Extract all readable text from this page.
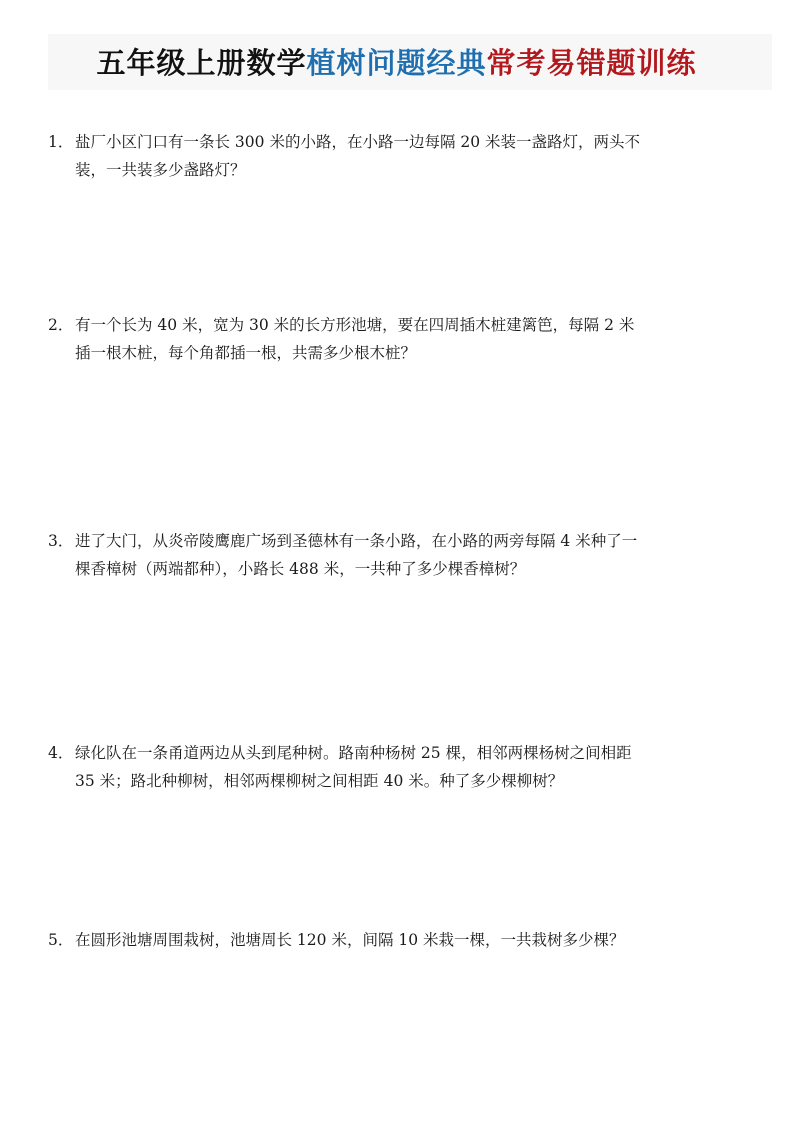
五年级上册数学植树问题经典常考易错题训练
1． 盐厂小区门口有一条长 300 米的小路，在小路一边每隔 20 米装一盏路灯，两头不
装，一共装多少盏路灯？
2． 有一个长为 40 米，宽为 30 米的长方形池塘，要在四周插木桩建篱笆，每隔 2 米
插一根木桩，每个角都插一根，共需多少根木桩？
3． 进了大门，从炎帝陵鹰鹿广场到圣德林有一条小路，在小路的两旁每隔 4 米种了一
棵香樟树（两端都种），小路长 488 米，一共种了多少棵香樟树？
4． 绿化队在一条甬道两边从头到尾种树。路南种杨树 25 棵，相邻两棵杨树之间相距
35 米；路北种柳树，相邻两棵柳树之间相距 40 米。种了多少棵柳树？
5． 在圆形池塘周围栽树，池塘周长 120 米，间隔 10 米栽一棵，一共栽树多少棵？
